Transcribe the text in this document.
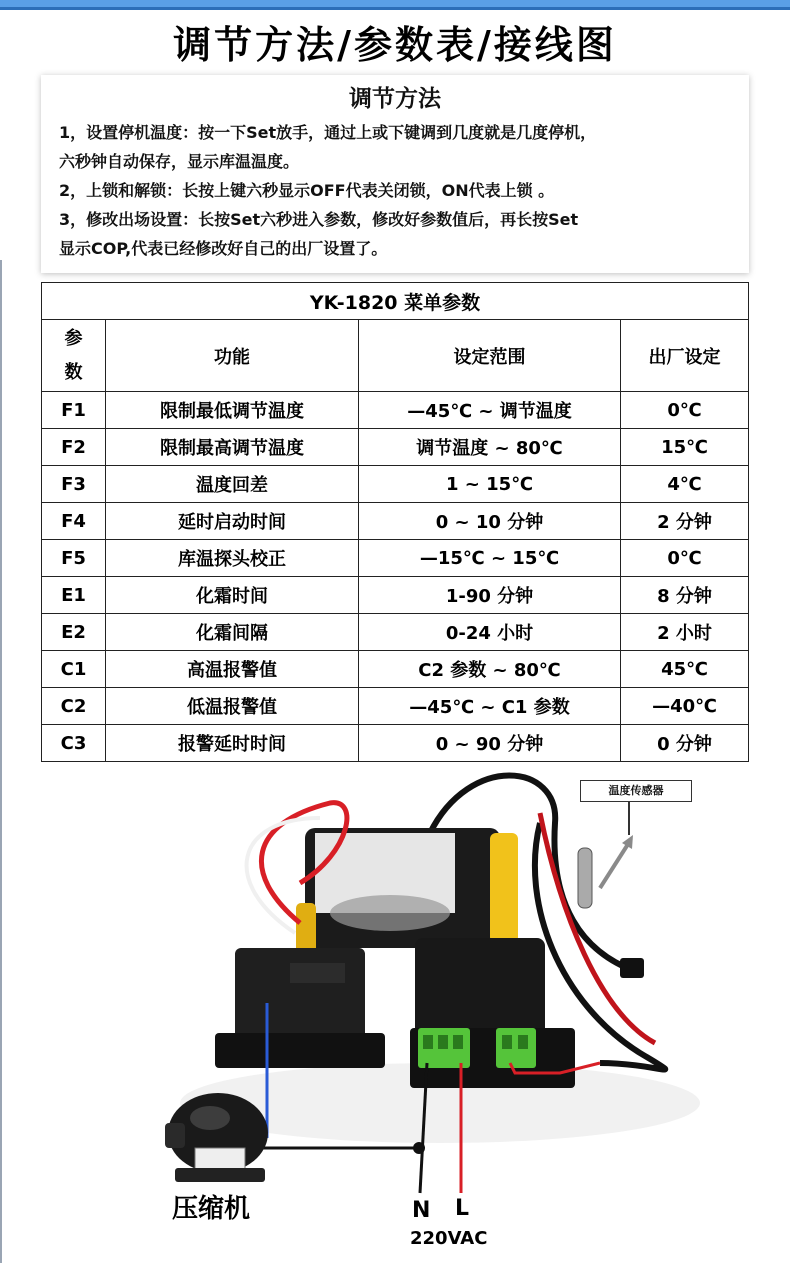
调节方法/参数表/接线图
调节方法
1，设置停机温度：按一下Set放手，通过上或下键调到几度就是几度停机，
六秒钟自动保存，显示库温温度。
2，上锁和解锁：长按上键六秒显示OFF代表关闭锁，ON代表上锁 。
3，修改出场设置：长按Set六秒进入参数，修改好参数值后，再长按Set
显示COP,代表已经修改好自己的出厂设置了。
YK-1820 菜单参数			

参
数	功能	设定范围	出厂设定
F1	限制最低调节温度	—45℃ ~ 调节温度	0℃
F2	限制最高调节温度	调节温度 ~ 80℃	15℃
F3	温度回差	1 ~ 15℃	4℃
F4	延时启动时间	0 ~ 10 分钟	2 分钟
F5	库温探头校正	—15℃ ~ 15℃	0℃
E1	化霜时间	1-90 分钟	8 分钟
E2	化霜间隔	0-24 小时	2 小时
C1	高温报警值	C2 参数 ~ 80℃	45℃
C2	低温报警值	—45℃ ~ C1 参数	—40℃
C3	报警延时时间	0 ~ 90 分钟	0 分钟
温度传感器
压缩机	N L
220VAC
